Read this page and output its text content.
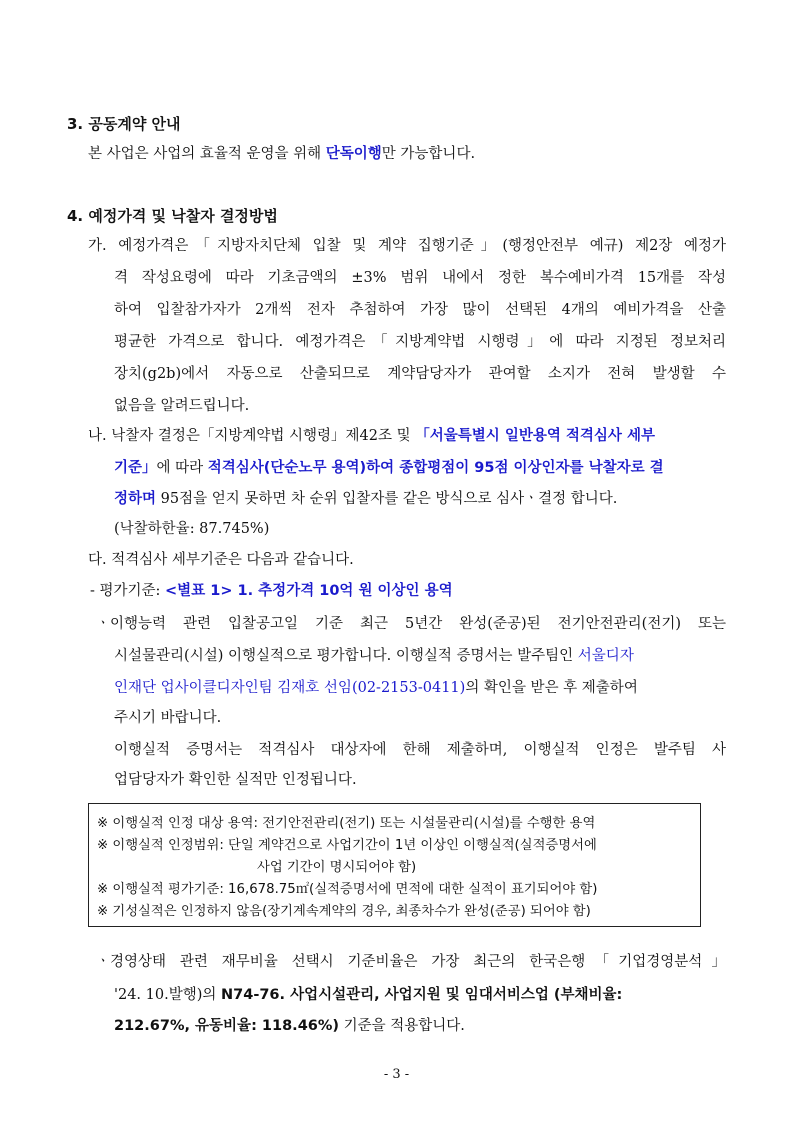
3. 공동계약 안내
본 사업은 사업의 효율적 운영을 위해 단독이행만 가능합니다.
4. 예정가격 및 낙찰자 결정방법
가. 예정가격은「지방자치단체 입찰 및 계약 집행기준」(행정안전부 예규) 제2장 예정가
격 작성요령에 따라 기초금액의 ±3% 범위 내에서 정한 복수예비가격 15개를 작성
하여 입찰참가자가 2개씩 전자 추첨하여 가장 많이 선택된 4개의 예비가격을 산출
평균한 가격으로 합니다. 예정가격은「지방계약법 시행령」에 따라 지정된 정보처리
장치(g2b)에서 자동으로 산출되므로 계약담당자가 관여할 소지가 전혀 발생할 수
없음을 알려드립니다.
나. 낙찰자 결정은「지방계약법 시행령」제42조 및 「서울특별시 일반용역 적격심사 세부
기준」에 따라 적격심사(단순노무 용역)하여 종합평점이 95점 이상인자를 낙찰자로 결
정하며 95점을 얻지 못하면 차 순위 입찰자를 같은 방식으로 심사ㆍ결정 합니다.
(낙찰하한율: 87.745%)
다. 적격심사 세부기준은 다음과 같습니다.
- 평가기준: <별표 1> 1. 추정가격 10억 원 이상인 용역
ㆍ이행능력 관련 입찰공고일 기준 최근 5년간 완성(준공)된 전기안전관리(전기) 또는
시설물관리(시설) 이행실적으로 평가합니다. 이행실적 증명서는 발주팀인 서울디자
인재단 업사이클디자인팀 김재호 선임(02-2153-0411)의 확인을 받은 후 제출하여
주시기 바랍니다.
이행실적 증명서는 적격심사 대상자에 한해 제출하며, 이행실적 인정은 발주팀 사
업담당자가 확인한 실적만 인정됩니다.
※ 이행실적 인정 대상 용역: 전기안전관리(전기) 또는 시설물관리(시설)를 수행한 용역
※ 이행실적 인정범위: 단일 계약건으로 사업기간이 1년 이상인 이행실적(실적증명서에
사업 기간이 명시되어야 함)
※ 이행실적 평가기준: 16,678.75㎡(실적증명서에 면적에 대한 실적이 표기되어야 함)
※ 기성실적은 인정하지 않음(장기계속계약의 경우, 최종차수가 완성(준공) 되어야 함)
ㆍ경영상태 관련 재무비율 선택시 기준비율은 가장 최근의 한국은행「기업경영분석」
'24. 10.발행)의 N74-76. 사업시설관리, 사업지원 및 임대서비스업 (부채비율:
212.67%, 유동비율: 118.46%) 기준을 적용합니다.
- 3 -
